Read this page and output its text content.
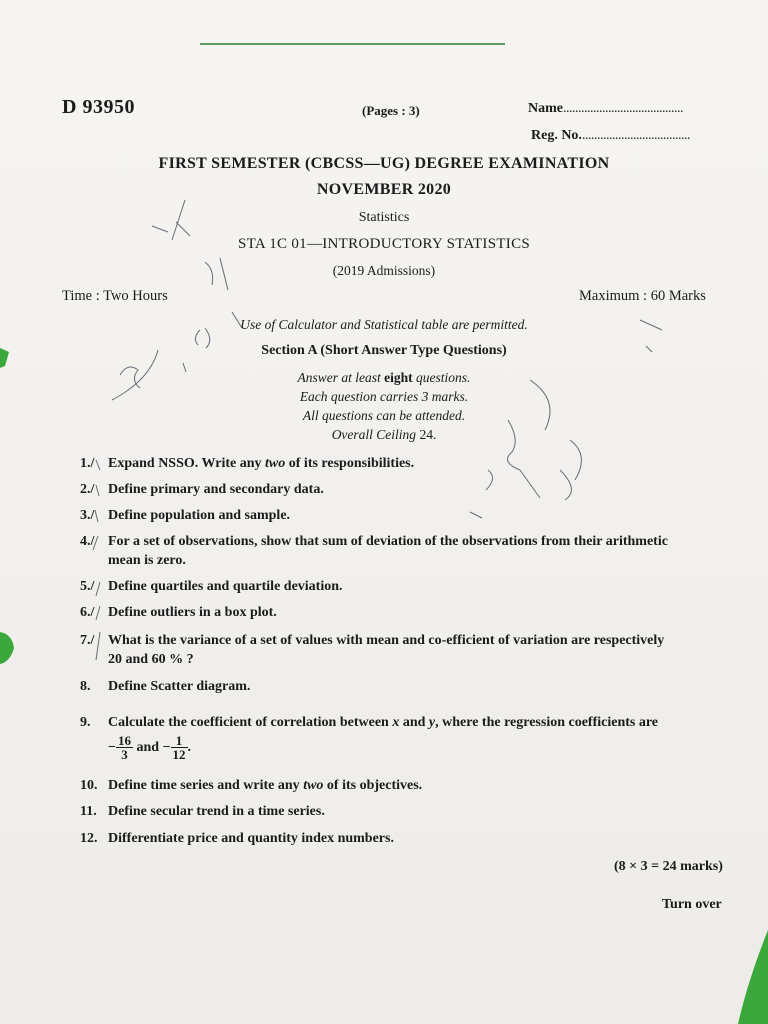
D 93950	(Pages : 3)	Name........................................
Reg. No.....................................
FIRST SEMESTER (CBCSS—UG) DEGREE EXAMINATION
NOVEMBER 2020
Statistics
STA 1C 01—INTRODUCTORY STATISTICS
(2019 Admissions)
Time : Two Hours	Maximum : 60 Marks
Use of Calculator and Statistical table are permitted.
Section A (Short Answer Type Questions)
Answer at least eight questions.
Each question carries 3 marks.
All questions can be attended.
Overall Ceiling 24.
1./ Expand NSSO. Write any two of its responsibilities.
2./ Define primary and secondary data.
3./ Define population and sample.
4./ For a set of observations, show that sum of deviation of the observations from their arithmetic
mean is zero.
5./ Define quartiles and quartile deviation.
6./ Define outliers in a box plot.
7./ What is the variance of a set of values with mean and co-efficient of variation are respectively
20 and 60 % ?
8.	Define Scatter diagram.
9.	Calculate the coefficient of correlation between x and y, where the regression coefficients are
− $\frac{16}{3}$ and − $\frac{1}{12}$ .
10. Define time series and write any two of its objectives.
11. Define secular trend in a time series.
12. Differentiate price and quantity index numbers.
(8 × 3 = 24 marks)
Turn over
